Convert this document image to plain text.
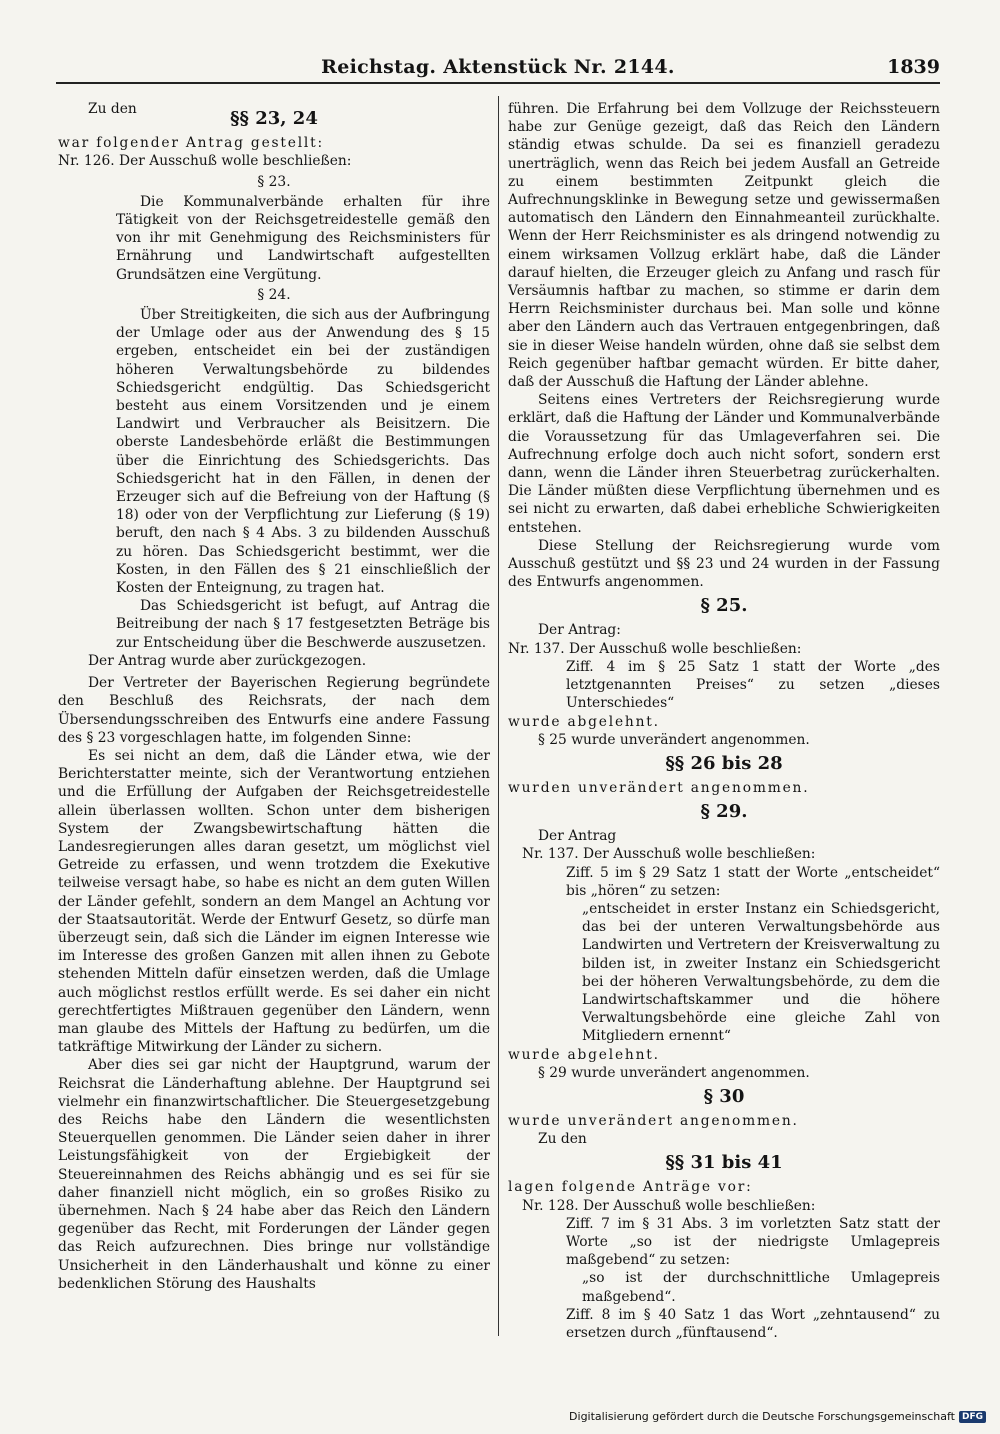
Reichstag. Aktenstück Nr. 2144.	1839

Zu den	§§ 23, 24

war folgender Antrag gestellt:

Nr. 126. Der Ausschuß wolle beschließen:

§ 23.

Die Kommunalverbände erhalten für ihre Tätigkeit von der Reichsgetreidestelle gemäß den von ihr mit Genehmigung des Reichsministers für Ernährung und Landwirtschaft aufgestellten Grundsätzen eine Vergütung.

§ 24.

Über Streitigkeiten, die sich aus der Aufbringung der Umlage oder aus der Anwendung des § 15 ergeben, entscheidet ein bei der zuständigen höheren Verwaltungsbehörde zu bildendes Schiedsgericht endgültig. Das Schiedsgericht besteht aus einem Vorsitzenden und je einem Landwirt und Verbraucher als Beisitzern. Die oberste Landesbehörde erläßt die Bestimmungen über die Einrichtung des Schiedsgerichts. Das Schiedsgericht hat in den Fällen, in denen der Erzeuger sich auf die Befreiung von der Haftung (§ 18) oder von der Verpflichtung zur Lieferung (§ 19) beruft, den nach § 4 Abs. 3 zu bildenden Ausschuß zu hören. Das Schiedsgericht bestimmt, wer die Kosten, in den Fällen des § 21 einschließlich der Kosten der Enteignung, zu tragen hat.

Das Schiedsgericht ist befugt, auf Antrag die Beitreibung der nach § 17 festgesetzten Beträge bis zur Entscheidung über die Beschwerde auszusetzen.

Der Antrag wurde aber zurückgezogen.

Der Vertreter der Bayerischen Regierung begründete den Beschluß des Reichsrats, der nach dem Übersendungsschreiben des Entwurfs eine andere Fassung des § 23 vorgeschlagen hatte, im folgenden Sinne:

Es sei nicht an dem, daß die Länder etwa, wie der Berichterstatter meinte, sich der Verantwortung entziehen und die Erfüllung der Aufgaben der Reichsgetreidestelle allein überlassen wollten. Schon unter dem bisherigen System der Zwangsbewirtschaftung hätten die Landesregierungen alles daran gesetzt, um möglichst viel Getreide zu erfassen, und wenn trotzdem die Exekutive teilweise versagt habe, so habe es nicht an dem guten Willen der Länder gefehlt, sondern an dem Mangel an Achtung vor der Staatsautorität. Werde der Entwurf Gesetz, so dürfe man überzeugt sein, daß sich die Länder im eignen Interesse wie im Interesse des großen Ganzen mit allen ihnen zu Gebote stehenden Mitteln dafür einsetzen werden, daß die Umlage auch möglichst restlos erfüllt werde. Es sei daher ein nicht gerechtfertigtes Mißtrauen gegenüber den Ländern, wenn man glaube des Mittels der Haftung zu bedürfen, um die tatkräftige Mitwirkung der Länder zu sichern.

Aber dies sei gar nicht der Hauptgrund, warum der Reichsrat die Länderhaftung ablehne. Der Hauptgrund sei vielmehr ein finanzwirtschaftlicher. Die Steuergesetzgebung des Reichs habe den Ländern die wesentlichsten Steuerquellen genommen. Die Länder seien daher in ihrer Leistungsfähigkeit von der Ergiebigkeit der Steuereinnahmen des Reichs abhängig und es sei für sie daher finanziell nicht möglich, ein so großes Risiko zu übernehmen. Nach § 24 habe aber das Reich den Ländern gegenüber das Recht, mit Forderungen der Länder gegen das Reich aufzurechnen. Dies bringe nur vollständige Unsicherheit in den Länderhaushalt und könne zu einer bedenklichen Störung des Haushalts

führen. Die Erfahrung bei dem Vollzuge der Reichssteuern habe zur Genüge gezeigt, daß das Reich den Ländern ständig etwas schulde. Da sei es finanziell geradezu unerträglich, wenn das Reich bei jedem Ausfall an Getreide zu einem bestimmten Zeitpunkt gleich die Aufrechnungsklinke in Bewegung setze und gewissermaßen automatisch den Ländern den Einnahmeanteil zurückhalte. Wenn der Herr Reichsminister es als dringend notwendig zu einem wirksamen Vollzug erklärt habe, daß die Länder darauf hielten, die Erzeuger gleich zu Anfang und rasch für Versäumnis haftbar zu machen, so stimme er darin dem Herrn Reichsminister durchaus bei. Man solle und könne aber den Ländern auch das Vertrauen entgegenbringen, daß sie in dieser Weise handeln würden, ohne daß sie selbst dem Reich gegenüber haftbar gemacht würden. Er bitte daher, daß der Ausschuß die Haftung der Länder ablehne.

Seitens eines Vertreters der Reichsregierung wurde erklärt, daß die Haftung der Länder und Kommunalverbände die Voraussetzung für das Umlageverfahren sei. Die Aufrechnung erfolge doch auch nicht sofort, sondern erst dann, wenn die Länder ihren Steuerbetrag zurückerhalten. Die Länder müßten diese Verpflichtung übernehmen und es sei nicht zu erwarten, daß dabei erhebliche Schwierigkeiten entstehen.

Diese Stellung der Reichsregierung wurde vom Ausschuß gestützt und §§ 23 und 24 wurden in der Fassung des Entwurfs angenommen.

§ 25.

Der Antrag:

Nr. 137. Der Ausschuß wolle beschließen:

Ziff. 4 im § 25 Satz 1 statt der Worte „des letztgenannten Preises“ zu setzen „dieses Unterschiedes“

wurde abgelehnt.

§ 25 wurde unverändert angenommen.

§§ 26 bis 28

wurden unverändert angenommen.

§ 29.

Der Antrag

Nr. 137. Der Ausschuß wolle beschließen:

Ziff. 5 im § 29 Satz 1 statt der Worte „entscheidet“ bis „hören“ zu setzen:

„entscheidet in erster Instanz ein Schiedsgericht, das bei der unteren Verwaltungsbehörde aus Landwirten und Vertretern der Kreisverwaltung zu bilden ist, in zweiter Instanz ein Schiedsgericht bei der höheren Verwaltungsbehörde, zu dem die Landwirtschaftskammer und die höhere Verwaltungsbehörde eine gleiche Zahl von Mitgliedern ernennt“

wurde abgelehnt.

§ 29 wurde unverändert angenommen.

§ 30

wurde unverändert angenommen.

Zu den

§§ 31 bis 41

lagen folgende Anträge vor:

Nr. 128. Der Ausschuß wolle beschließen:

Ziff. 7 im § 31 Abs. 3 im vorletzten Satz statt der Worte „so ist der niedrigste Umlagepreis maßgebend“ zu setzen:

„so ist der durchschnittliche Umlagepreis maßgebend“.

Ziff. 8 im § 40 Satz 1 das Wort „zehntausend“ zu ersetzen durch „fünftausend“.

Digitalisierung gefördert durch die Deutsche Forschungsgemeinschaft DFG
